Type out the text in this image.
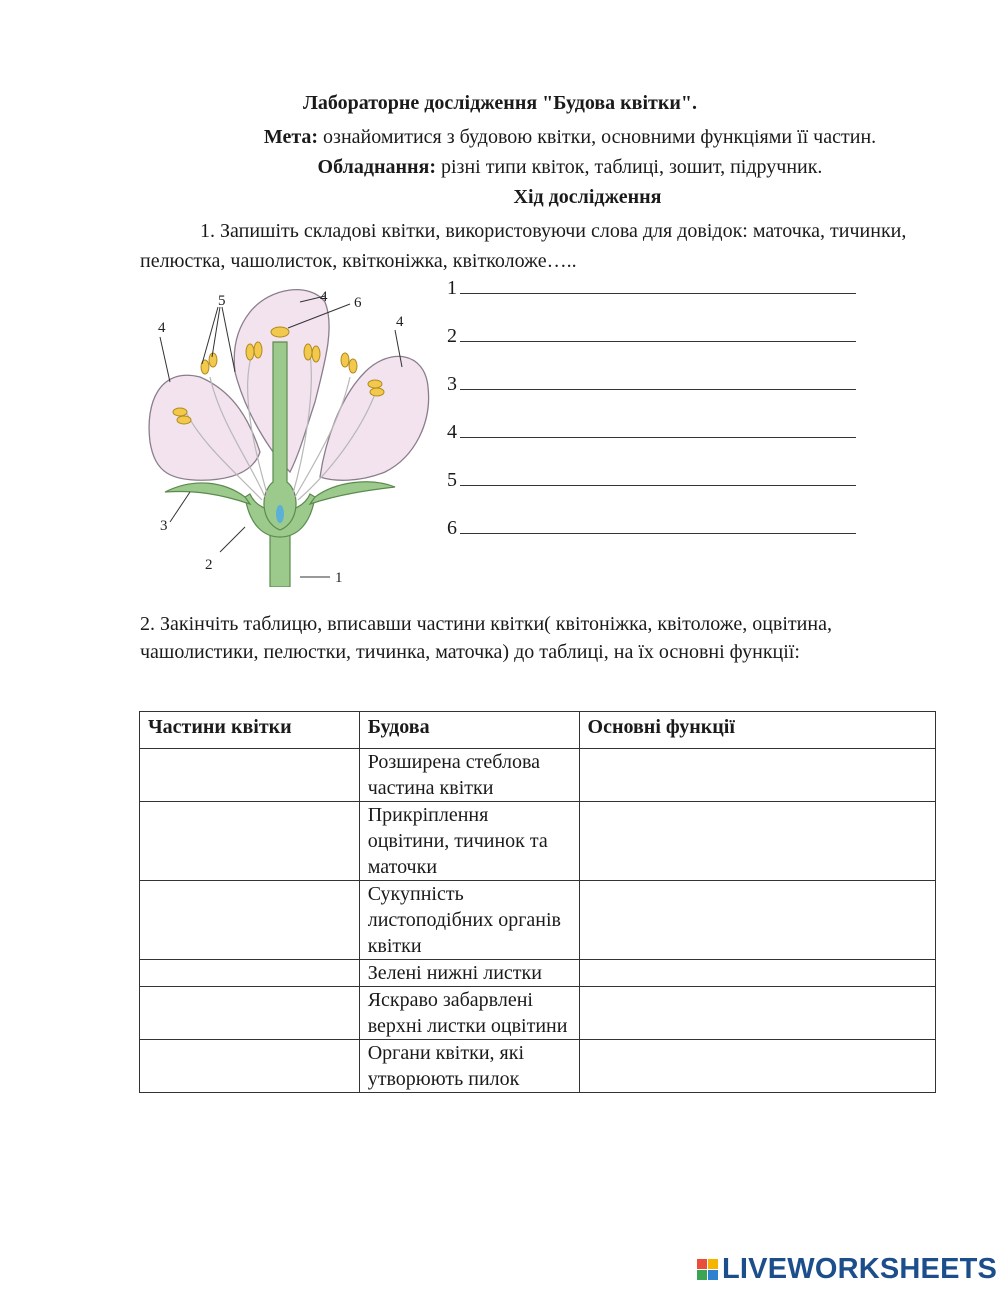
Лабораторне дослідження "Будова квітки".
Мета: ознайомитися з будовою квітки, основними функціями її частин.
Обладнання: різні типи квіток, таблиці, зошит, підручник.
Хід дослідження
1. Запишіть складові квітки, використовуючи слова для довідок: маточка, тичинки, пелюстка, чашолисток, квітконіжка, квітколоже…..
1
2
3
4
4
4
5	6
1
2
3
4
5
6
2. Закінчіть таблицю, вписавши частини квітки( квітоніжка, квітоложе, оцвітина, чашолистики, пелюстки, тичинка, маточка) до таблиці, на їх основні функції:
Частини квітки	Будова	Основні функції
	Розширена стеблова частина квітки	
	Прикріплення оцвітини, тичинок та маточки	
	Сукупність листоподібних органів квітки	
	Зелені нижні листки	
	Яскраво забарвлені верхні листки оцвітини	
	Органи квітки, які утворюють пилок	
LIVEWORKSHEETS
